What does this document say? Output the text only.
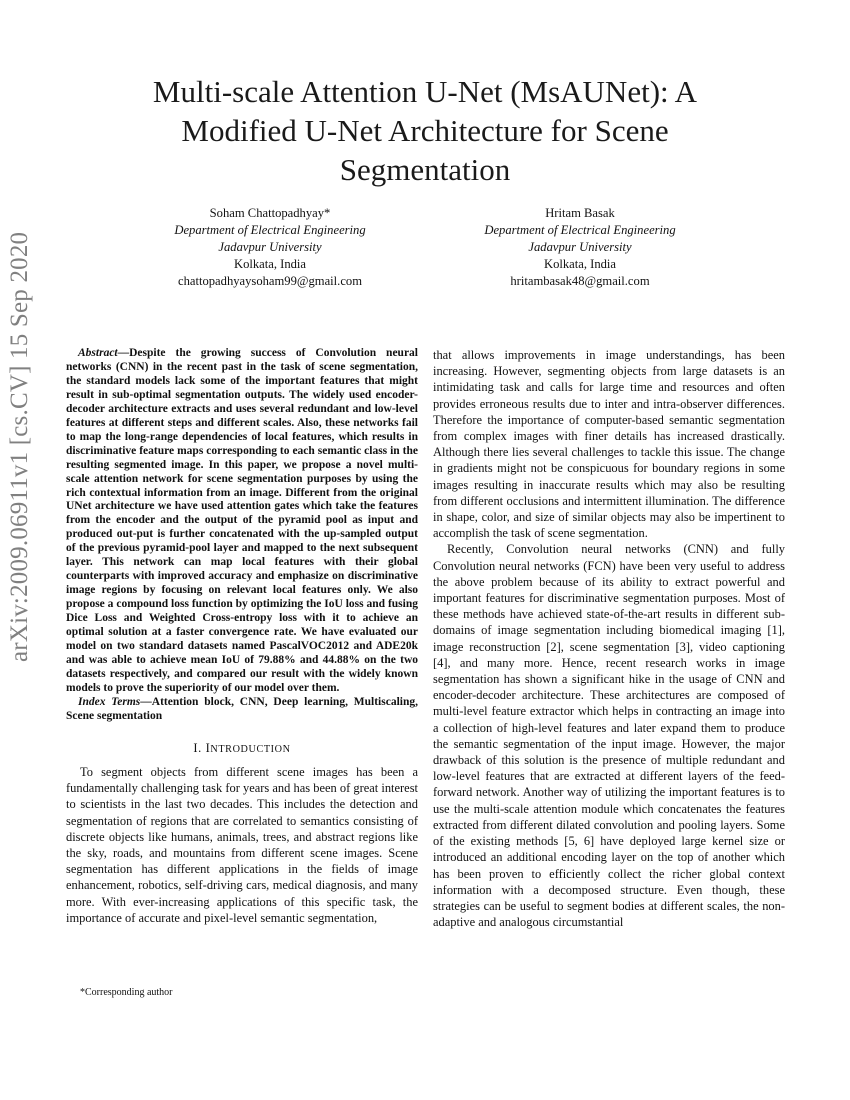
Multi-scale Attention U-Net (MsAUNet): A Modified U-Net Architecture for Scene Segmentation
Soham Chattopadhyay*
Department of Electrical Engineering
Jadavpur University
Kolkata, India
chattopadhyaysoham99@gmail.com
Hritam Basak
Department of Electrical Engineering
Jadavpur University
Kolkata, India
hritambasak48@gmail.com
arXiv:2009.06911v1 [cs.CV] 15 Sep 2020	Abstract—Despite the growing success of Convolution neural networks (CNN) in the recent past in the task of scene segmentation, the standard models lack some of the important features that might result in sub-optimal segmentation outputs. The widely used encoder-decoder architecture extracts and uses several redundant and low-level features at different steps and different scales. Also, these networks fail to map the long-range dependencies of local features, which results in discriminative feature maps corresponding to each semantic class in the resulting segmented image. In this paper, we propose a novel multi-scale attention network for scene segmentation purposes by using the rich contextual information from an image. Different from the original UNet architecture we have used attention gates which take the features from the encoder and the output of the pyramid pool as input and produced out-put is further concatenated with the up-sampled output of the previous pyramid-pool layer and mapped to the next subsequent layer. This network can map local features with their global counterparts with improved accuracy and emphasize on discriminative image regions by focusing on relevant local features only. We also propose a compound loss function by optimizing the IoU loss and fusing Dice Loss and Weighted Cross-entropy loss with it to achieve an optimal solution at a faster convergence rate. We have evaluated our model on two standard datasets named PascalVOC2012 and ADE20k and was able to achieve mean IoU of 79.88% and 44.88% on the two datasets respectively, and compared our result with the widely known models to prove the superiority of our model over them.

Index Terms—Attention block, CNN, Deep learning, Multiscaling, Scene segmentation

I. INTRODUCTION

To segment objects from different scene images has been a fundamentally challenging task for years and has been of great interest to scientists in the last two decades. This includes the detection and segmentation of regions that are correlated to semantics consisting of discrete objects like humans, animals, trees, and abstract regions like the sky, roads, and mountains from different scene images. Scene segmentation has different applications in the fields of image enhancement, robotics, self-driving cars, medical diagnosis, and many more. With ever-increasing applications of this specific task, the importance of accurate and pixel-level semantic segmentation,

that allows improvements in image understandings, has been increasing. However, segmenting objects from large datasets is an intimidating task and calls for large time and resources and often provides erroneous results due to inter and intra-observer differences. Therefore the importance of computer-based semantic segmentation from complex images with finer details has increased drastically. Although there lies several challenges to tackle this issue. The change in gradients might not be conspicuous for boundary regions in some images resulting in inaccurate results which may also be resulting from different occlusions and intermittent illumination. The difference in shape, color, and size of similar objects may also be impertinent to accomplish the task of scene segmentation.

Recently, Convolution neural networks (CNN) and fully Convolution neural networks (FCN) have been very useful to address the above problem because of its ability to extract powerful and important features for discriminative segmentation purposes. Most of these methods have achieved state-of-the-art results in different sub-domains of image segmentation including biomedical imaging [1], image reconstruction [2], scene segmentation [3], video captioning [4], and many more. Hence, recent research works in image segmentation has shown a significant hike in the usage of CNN and encoder-decoder architecture. These architectures are composed of multi-level feature extractor which helps in contracting an image into a collection of high-level features and later expand them to produce the semantic segmentation of the input image. However, the major drawback of this solution is the presence of multiple redundant and low-level features that are extracted at different layers of the feed-forward network. Another way of utilizing the important features is to use the multi-scale attention module which concatenates the features extracted from different dilated convolution and pooling layers. Some of the existing methods [5, 6] have deployed large kernel size or introduced an additional encoding layer on the top of another which has been proven to efficiently collect the richer global context information with a decomposed structure. Even though, these strategies can be useful to segment bodies at different scales, the non-adaptive and analogous circumstantial

*Corresponding author
